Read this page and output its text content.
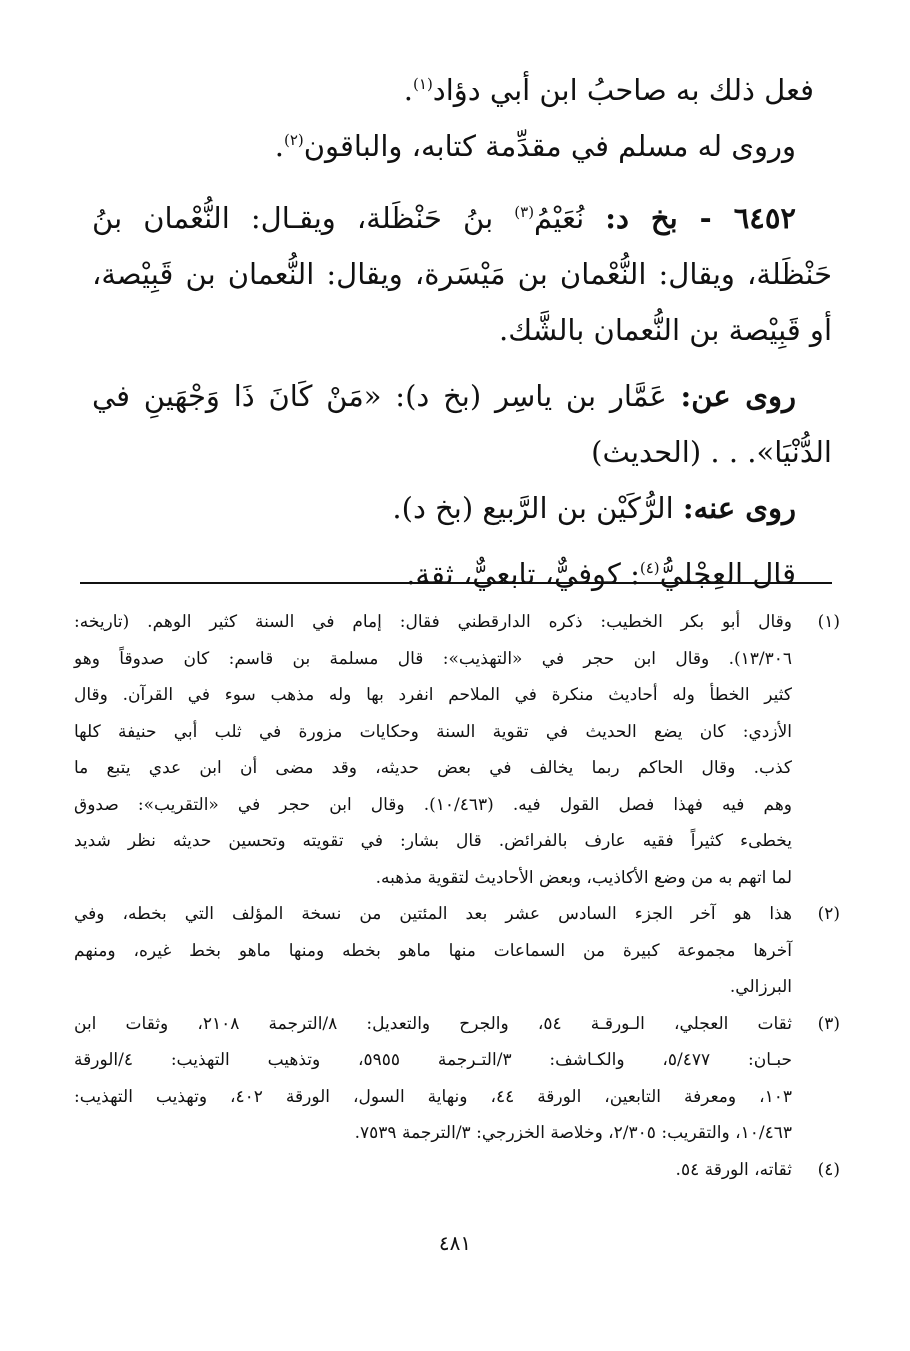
فعل ذلك به صاحبُ ابن أبي دؤاد$^{(١)}$.
وروى له مسلم في مقدِّمة كتابه، والباقون$^{(٢)}$.
٦٤٥٢ - بخ د: نُعَيْمُ$^{(٣)}$ بنُ حَنْظَلة، ويقـال: النُّعْمان بنُ
حَنْظَلة، ويقال: النُّعْمان بن مَيْسَرة، ويقال: النُّعمان بن قَبِيْصة،
أو قَبِيْصة بن النُّعمان بالشَّك.
روى عن: عَمَّار بن ياسِر (بخ د): «مَنْ كَانَ ذَا وَجْهَينِ في
الدُّنْيَا». . . (الحديث)
روى عنه: الرُّكَيْن بن الرَّبيع (بخ د).
قال العِجْليُّ$^{(٤)}$: كوفيٌّ، تابعيٌّ، ثقة.
(١)
وقال أبو بكر الخطيب: ذكره الدارقطني فقال: إمام في السنة كثير الوهم. (تاريخه:
١٣/٣٠٦). وقال ابن حجر في «التهذيب»: قال مسلمة بن قاسم: كان صدوقاً وهو
كثير الخطأ وله أحاديث منكرة في الملاحم انفرد بها وله مذهب سوء في القرآن. وقال
الأزدي: كان يضع الحديث في تقوية السنة وحكايات مزورة في ثلب أبي حنيفة كلها
كذب. وقال الحاكم ربما يخالف في بعض حديثه، وقد مضى أن ابن عدي يتبع ما
وهم فيه فهذا فصل القول فيه. (١٠/٤٦٣). وقال ابن حجر في «التقريب»: صدوق
يخطىء كثيراً فقيه عارف بالفرائض. قال بشار: في تقويته وتحسين حديثه نظر شديد
لما اتهم به من وضع الأكاذيب، وبعض الأحاديث لتقوية مذهبه.
(٢)
هذا هو آخر الجزء السادس عشر بعد المئتين من نسخة المؤلف التي بخطه، وفي
آخرها مجموعة كبيرة من السماعات منها ماهو بخطه ومنها ماهو بخط غيره، ومنهم
البرزالي.
(٣)
ثقات العجلي، الـورقـة ٥٤، والجرح والتعديل: ٨/الترجمة ٢١٠٨، وثقات ابن
حبـان: ٥/٤٧٧، والكـاشف: ٣/التـرجمة ٥٩٥٥، وتذهيب التهذيب: ٤/الورقة
١٠٣، ومعرفة التابعين، الورقة ٤٤، ونهاية السول، الورقة ٤٠٢، وتهذيب التهذيب:
١٠/٤٦٣، والتقريب: ٢/٣٠٥، وخلاصة الخزرجي: ٣/الترجمة ٧٥٣٩.
(٤)
ثقاته، الورقة ٥٤.
٤٨١
